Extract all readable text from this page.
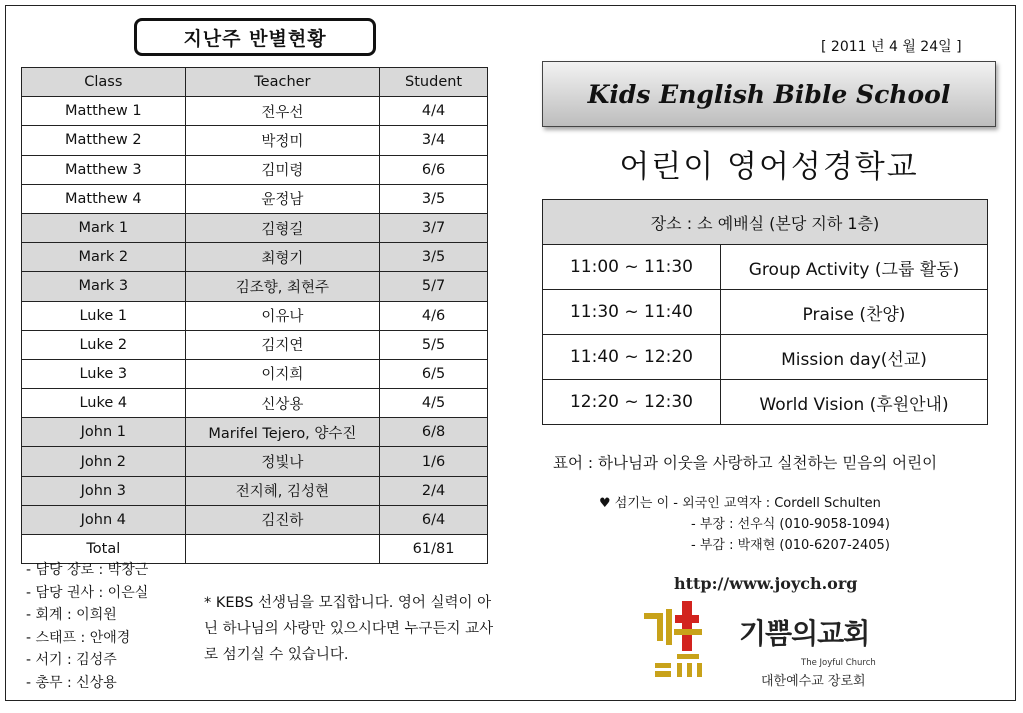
지난주 반별현황
Class	Teacher	Student
Matthew 1	전우선	4/4
Matthew 2	박정미	3/4
Matthew 3	김미령	6/6
Matthew 4	윤정남	3/5
Mark 1	김형길	3/7
Mark 2	최형기	3/5
Mark 3	김조향, 최현주	5/7
Luke 1	이유나	4/6
Luke 2	김지연	5/5
Luke 3	이지희	6/5
Luke 4	신상용	4/5
John 1	Marifel Tejero, 양수진	6/8
John 2	정빛나	1/6
John 3	전지혜, 김성현	2/4
John 4	김진하	6/4
Total		61/81
- 담당 장로 : 박창근
- 담당 권사 : 이은실
- 회계 : 이희원
- 스태프 : 안애경
- 서기 : 김성주
- 총무 : 신상용
* KEBS 선생님을 모집합니다. 영어 실력이 아닌 하나님의 사랑만 있으시다면 누구든지 교사로 섬기실 수 있습니다.
[ 2011 년 4 월 24일 ]
Kids English Bible School
어린이 영어성경학교
장소 : 소 예배실 (본당 지하 1층)	
11:00 ~ 11:30	Group Activity (그룹 활동)
11:30 ~ 11:40	Praise (찬양)
11:40 ~ 12:20	Mission day(선교)
12:20 ~ 12:30	World Vision (후원안내)
표어 : 하나님과 이웃을 사랑하고 실천하는 믿음의 어린이
♥ 섬기는 이 - 외국인 교역자 : Cordell Schulten
- 부장 : 선우식 (010-9058-1094)
- 부감 : 박재현 (010-6207-2405)
http://www.joych.org
기쁨의교회
The Joyful Church
대한예수교 장로회
